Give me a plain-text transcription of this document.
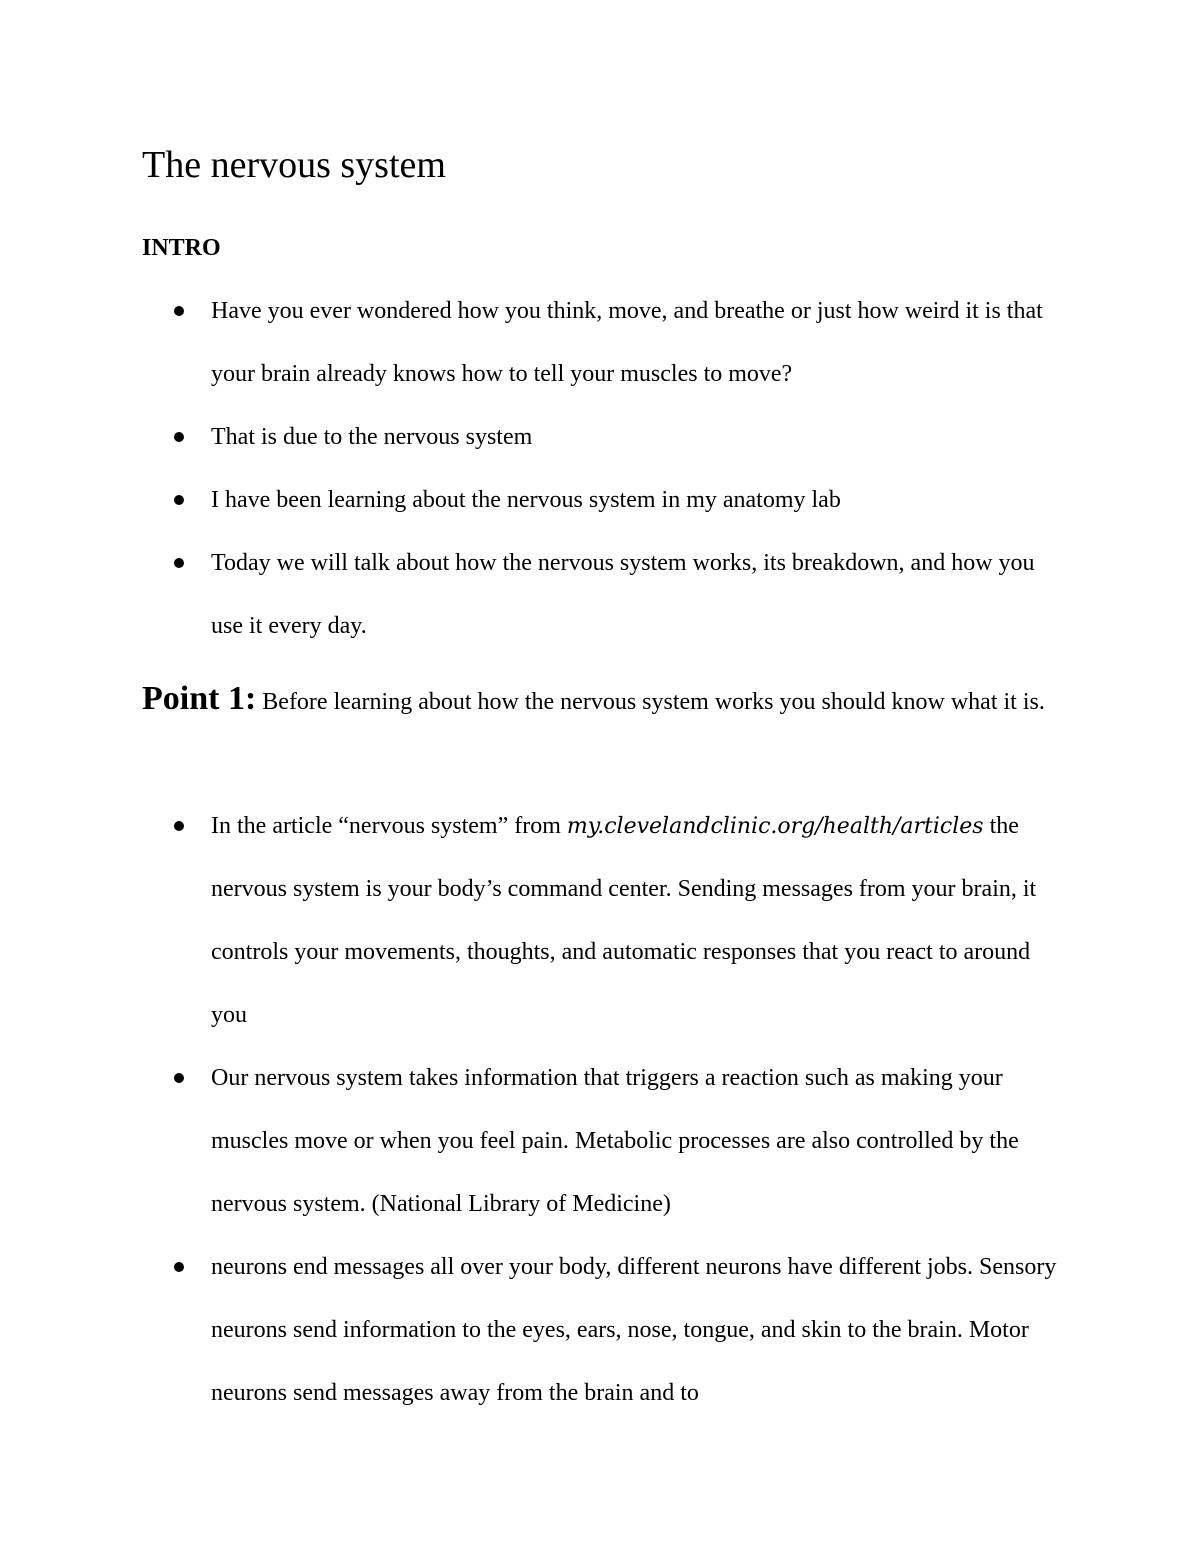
The nervous system
INTRO
Have you ever wondered how you think, move, and breathe or just how weird it is that your brain already knows how to tell your muscles to move?
That is due to the nervous system
I have been learning about the nervous system in my anatomy lab
Today we will talk about how the nervous system works, its breakdown, and how you use it every day.

Point 1: Before learning about how the nervous system works you should know what it is.

In the article “nervous system” from my.clevelandclinic.org/health/articles the nervous system is your body’s command center. Sending messages from your brain, it controls your movements, thoughts, and automatic responses that you react to around you
Our nervous system takes information that triggers a reaction such as making your muscles move or when you feel pain. Metabolic processes are also controlled by the nervous system. (National Library of Medicine)
neurons end messages all over your body, different neurons have different jobs. Sensory neurons send information to the eyes, ears, nose, tongue, and skin to the brain. Motor neurons send messages away from the brain and to
